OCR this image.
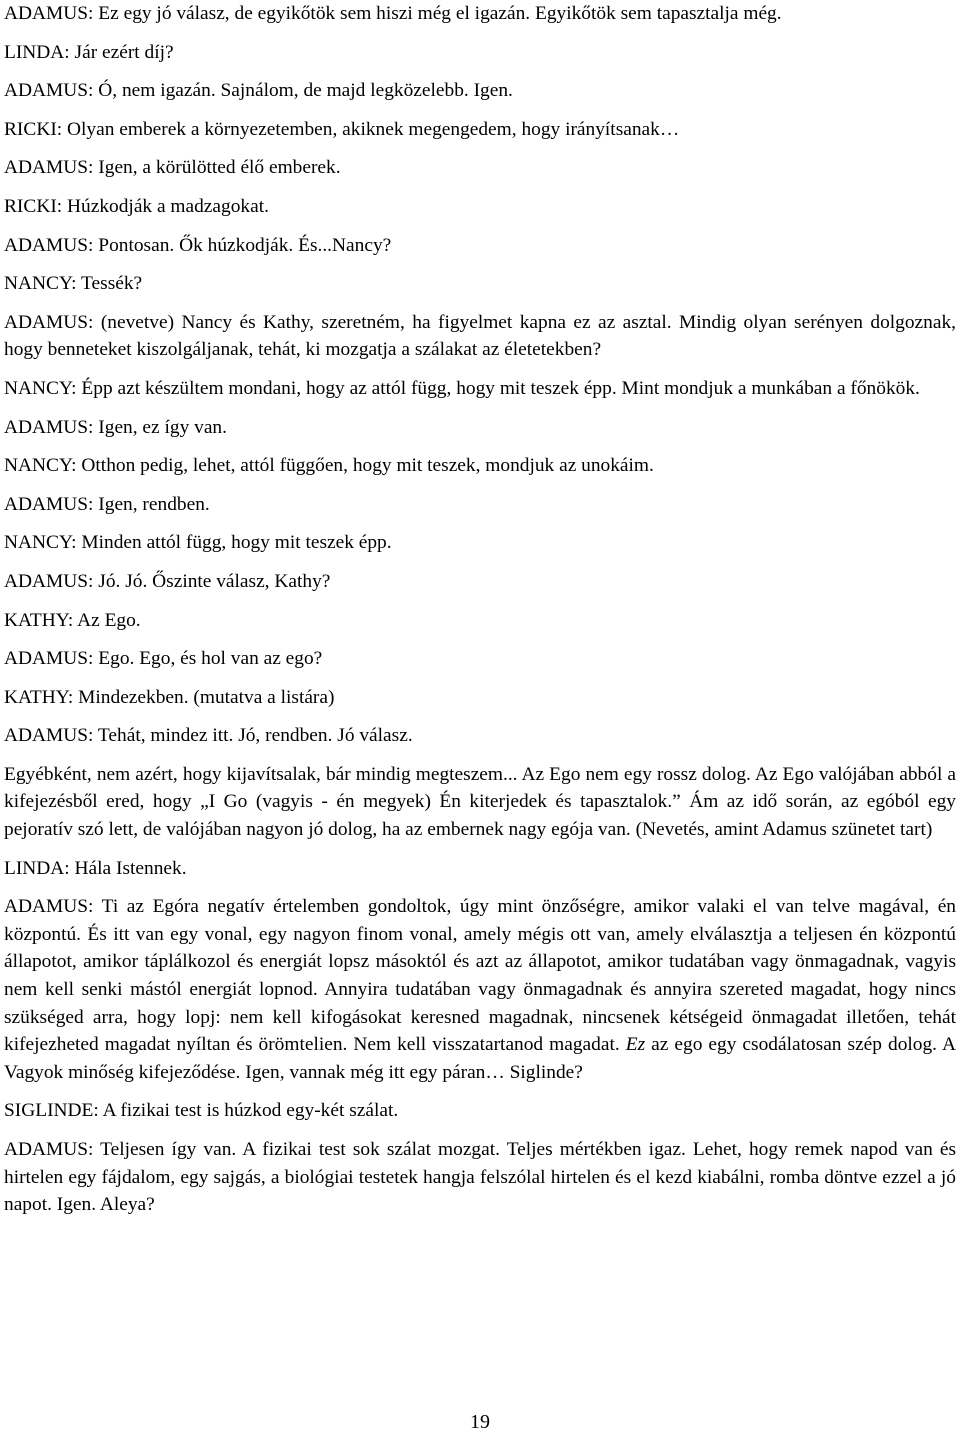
ADAMUS: Ez egy jó válasz, de egyikőtök sem hiszi még el igazán. Egyikőtök sem tapasztalja még.

LINDA: Jár ezért díj?

ADAMUS: Ó, nem igazán. Sajnálom, de majd legközelebb. Igen.

RICKI: Olyan emberek a környezetemben, akiknek megengedem, hogy irányítsanak…

ADAMUS: Igen, a körülötted élő emberek.

RICKI: Húzkodják a madzagokat.

ADAMUS: Pontosan. Ők húzkodják. És...Nancy?

NANCY: Tessék?

ADAMUS: (nevetve) Nancy és Kathy, szeretném, ha figyelmet kapna ez az asztal. Mindig olyan serényen dolgoznak, hogy benneteket kiszolgáljanak, tehát, ki mozgatja a szálakat az életetekben?

NANCY: Épp azt készültem mondani, hogy az attól függ, hogy mit teszek épp. Mint mondjuk a munkában a főnökök.

ADAMUS: Igen, ez így van.

NANCY: Otthon pedig, lehet, attól függően, hogy mit teszek, mondjuk az unokáim.

ADAMUS: Igen, rendben.

NANCY: Minden attól függ, hogy mit teszek épp.

ADAMUS: Jó. Jó. Őszinte válasz, Kathy?

KATHY: Az Ego.

ADAMUS: Ego. Ego, és hol van az ego?

KATHY: Mindezekben. (mutatva a listára)

ADAMUS: Tehát, mindez itt. Jó, rendben. Jó válasz.

Egyébként, nem azért, hogy kijavítsalak, bár mindig megteszem... Az Ego nem egy rossz dolog. Az Ego valójában abból a kifejezésből ered, hogy „I Go (vagyis - én megyek) Én kiterjedek és tapasztalok.” Ám az idő során, az egóból egy pejoratív szó lett, de valójában nagyon jó dolog, ha az embernek nagy egója van. (Nevetés, amint Adamus szünetet tart)

LINDA: Hála Istennek.

ADAMUS: Ti az Egóra negatív értelemben gondoltok, úgy mint önzőségre, amikor valaki el van telve magával, én központú. És itt van egy vonal, egy nagyon finom vonal, amely mégis ott van, amely elválasztja a teljesen én központú állapotot, amikor táplálkozol és energiát lopsz másoktól és azt az állapotot, amikor tudatában vagy önmagadnak, vagyis nem kell senki mástól energiát lopnod. Annyira tudatában vagy önmagadnak és annyira szereted magadat, hogy nincs szükséged arra, hogy lopj: nem kell kifogásokat keresned magadnak, nincsenek kétségeid önmagadat illetően, tehát kifejezheted magadat nyíltan és örömtelien. Nem kell visszatartanod magadat. Ez az ego egy csodálatosan szép dolog. A Vagyok minőség kifejeződése. Igen, vannak még itt egy páran… Siglinde?

SIGLINDE: A fizikai test is húzkod egy-két szálat.

ADAMUS: Teljesen így van. A fizikai test sok szálat mozgat. Teljes mértékben igaz. Lehet, hogy remek napod van és hirtelen egy fájdalom, egy sajgás, a biológiai testetek hangja felszólal hirtelen és el kezd kiabálni, romba döntve ezzel a jó napot. Igen. Aleya?

19
